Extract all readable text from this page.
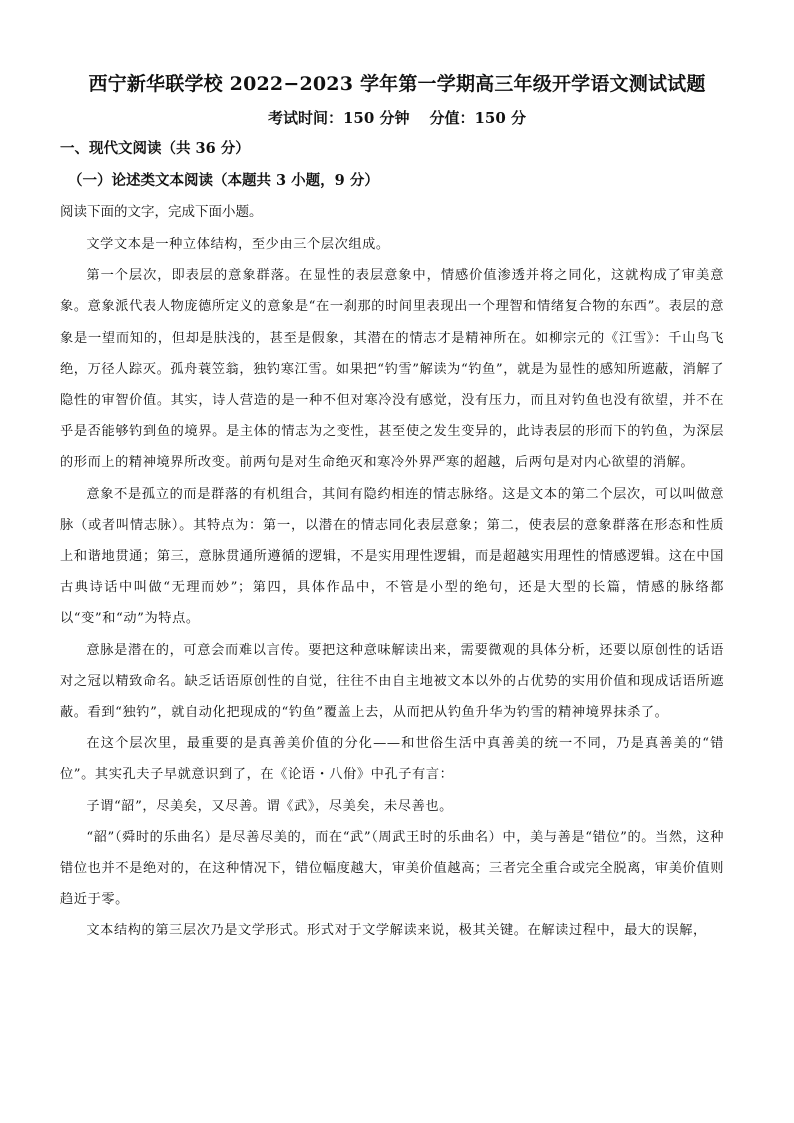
西宁新华联学校 2022−2023 学年第一学期高三年级开学语文测试试题
考试时间：150 分钟 分值：150 分
一、现代文阅读（共 36 分）
（一）论述类文本阅读（本题共 3 小题，9 分）
阅读下面的文字，完成下面小题。

文学文本是一种立体结构，至少由三个层次组成。

第一个层次，即表层的意象群落。在显性的表层意象中，情感价值渗透并将之同化，这就构成了审美意象。意象派代表人物庞德所定义的意象是“在一刹那的时间里表现出一个理智和情绪复合物的东西”。表层的意象是一望而知的，但却是肤浅的，甚至是假象，其潜在的情志才是精神所在。如柳宗元的《江雪》：千山鸟飞绝，万径人踪灭。孤舟蓑笠翁，独钓寒江雪。如果把“钓雪”解读为“钓鱼”，就是为显性的感知所遮蔽，消解了隐性的审智价值。其实，诗人营造的是一种不但对寒冷没有感觉，没有压力，而且对钓鱼也没有欲望，并不在乎是否能够钓到鱼的境界。是主体的情志为之变性，甚至使之发生变异的，此诗表层的形而下的钓鱼，为深层的形而上的精神境界所改变。前两句是对生命绝灭和寒冷外界严寒的超越，后两句是对内心欲望的消解。

意象不是孤立的而是群落的有机组合，其间有隐约相连的情志脉络。这是文本的第二个层次，可以叫做意脉（或者叫情志脉）。其特点为：第一，以潜在的情志同化表层意象；第二，使表层的意象群落在形态和性质上和谐地贯通；第三，意脉贯通所遵循的逻辑，不是实用理性逻辑，而是超越实用理性的情感逻辑。这在中国古典诗话中叫做“无理而妙”；第四，具体作品中，不管是小型的绝句，还是大型的长篇，情感的脉络都以“变”和“动”为特点。

意脉是潜在的，可意会而难以言传。要把这种意味解读出来，需要微观的具体分析，还要以原创性的话语对之冠以精致命名。缺乏话语原创性的自觉，往往不由自主地被文本以外的占优势的实用价值和现成话语所遮蔽。看到“独钓”，就自动化把现成的“钓鱼”覆盖上去，从而把从钓鱼升华为钓雪的精神境界抹杀了。

在这个层次里，最重要的是真善美价值的分化——和世俗生活中真善美的统一不同，乃是真善美的“错位”。其实孔夫子早就意识到了，在《论语・八佾》中孔子有言：

子谓“韶”，尽美矣，又尽善。谓《武》，尽美矣，未尽善也。

“韶”（舜时的乐曲名）是尽善尽美的，而在“武”（周武王时的乐曲名）中，美与善是“错位”的。当然，这种错位也并不是绝对的，在这种情况下，错位幅度越大，审美价值越高；三者完全重合或完全脱离，审美价值则趋近于零。

文本结构的第三层次乃是文学形式。形式对于文学解读来说，极其关键。在解读过程中，最大的误解，
